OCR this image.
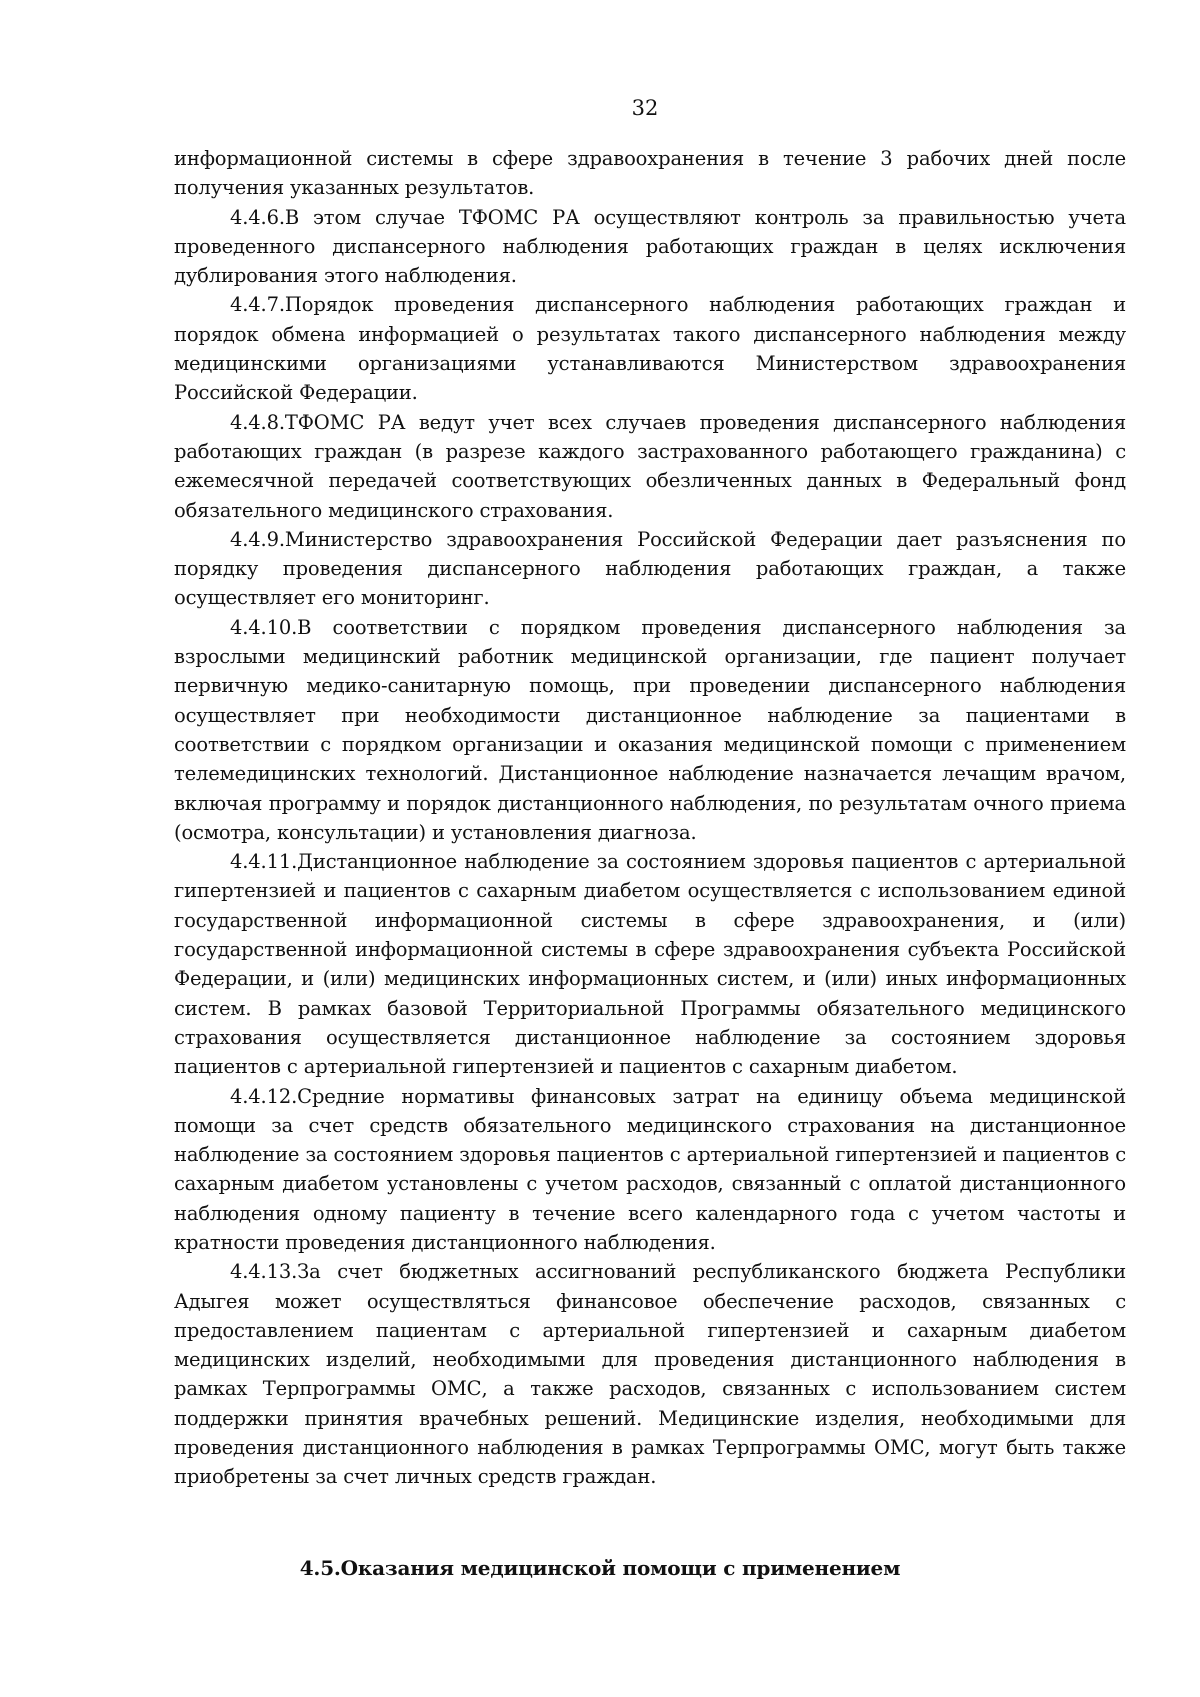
32

информационной системы в сфере здравоохранения в течение 3 рабочих дней после получения указанных результатов.

4.4.6.В этом случае ТФОМС РА осуществляют контроль за правильностью учета проведенного диспансерного наблюдения работающих граждан в целях исключения дублирования этого наблюдения.

4.4.7.Порядок проведения диспансерного наблюдения работающих граждан и порядок обмена информацией о результатах такого диспансерного наблюдения между медицинскими организациями устанавливаются Министерством здравоохранения Российской Федерации.

4.4.8.ТФОМС РА ведут учет всех случаев проведения диспансерного наблюдения работающих граждан (в разрезе каждого застрахованного работающего гражданина) с ежемесячной передачей соответствующих обезличенных данных в Федеральный фонд обязательного медицинского страхования.

4.4.9.Министерство здравоохранения Российской Федерации дает разъяснения по порядку проведения диспансерного наблюдения работающих граждан, а также осуществляет его мониторинг.

4.4.10.В соответствии с порядком проведения диспансерного наблюдения за взрослыми медицинский работник медицинской организации, где пациент получает первичную медико-санитарную помощь, при проведении диспансерного наблюдения осуществляет при необходимости дистанционное наблюдение за пациентами в соответствии с порядком организации и оказания медицинской помощи с применением телемедицинских технологий. Дистанционное наблюдение назначается лечащим врачом, включая программу и порядок дистанционного наблюдения, по результатам очного приема (осмотра, консультации) и установления диагноза.

4.4.11.Дистанционное наблюдение за состоянием здоровья пациентов с артериальной гипертензией и пациентов с сахарным диабетом осуществляется с использованием единой государственной информационной системы в сфере здравоохранения, и (или) государственной информационной системы в сфере здравоохранения субъекта Российской Федерации, и (или) медицинских информационных систем, и (или) иных информационных систем. В рамках базовой Территориальной Программы обязательного медицинского страхования осуществляется дистанционное наблюдение за состоянием здоровья пациентов с артериальной гипертензией и пациентов с сахарным диабетом.

4.4.12.Средние нормативы финансовых затрат на единицу объема медицинской помощи за счет средств обязательного медицинского страхования на дистанционное наблюдение за состоянием здоровья пациентов с артериальной гипертензией и пациентов с сахарным диабетом установлены с учетом расходов, связанный с оплатой дистанционного наблюдения одному пациенту в течение всего календарного года с учетом частоты и кратности проведения дистанционного наблюдения.

4.4.13.За счет бюджетных ассигнований республиканского бюджета Республики Адыгея может осуществляться финансовое обеспечение расходов, связанных с предоставлением пациентам с артериальной гипертензией и сахарным диабетом медицинских изделий, необходимыми для проведения дистанционного наблюдения в рамках Терпрограммы ОМС, а также расходов, связанных с использованием систем поддержки принятия врачебных решений. Медицинские изделия, необходимыми для проведения дистанционного наблюдения в рамках Терпрограммы ОМС, могут быть также приобретены за счет личных средств граждан.

4.5.Оказания медицинской помощи с применением
